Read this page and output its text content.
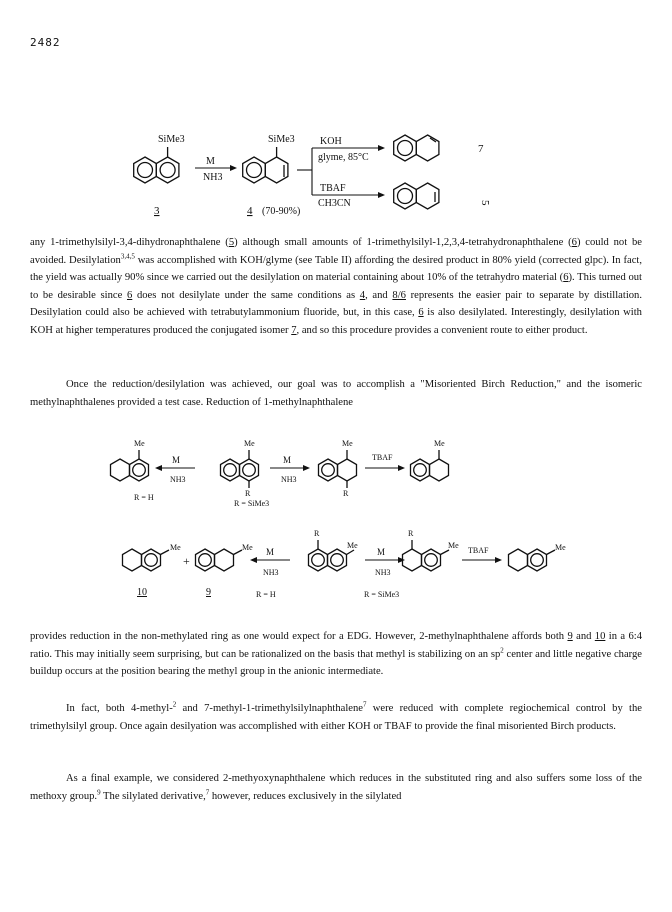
2482
SiMe3
M
NH3
SiMe3	KOH
glyme, 85°C
TBAF
CH3CN
7
5
3	4 (70-90%)

any 1-trimethylsilyl-3,4-dihydronaphthalene (5) although small amounts of 1-trimethylsilyl-1,2,3,4-tetrahydronaphthalene (6) could not be avoided. Desilylation$^{3,4,5}$ was accomplished with KOH/glyme (see Table II) affording the desired product in 80% yield (corrected glpc). In fact, the yield was actually 90% since we carried out the desilylation on material containing about 10% of the tetrahydro material (6). This turned out to be desirable since 6 does not desilylate under the same conditions as 4, and 8/6 represents the easier pair to separate by distillation. Desilylation could also be achieved with tetrabutylammonium fluoride, but, in this case, 6 is also desilylated. Interestingly, desilylation with KOH at higher temperatures produced the conjugated isomer 7, and so this procedure provides a convenient route to either product.

Once the reduction/desilylation was achieved, our goal was to accomplish a "Misoriented Birch Reduction," and the isomeric methylnaphthalenes provided a test case. Reduction of 1-methylnaphthalene

Me
M
NH3
R = H
Me
R
R = SiMe3
M
NH3
Me
R
TBAF
Me
Me
+
Me M
NH3
10	9	R = H
R
Me
M
NH3
R = SiMe3
R
Me
TBAF	Me

provides reduction in the non-methylated ring as one would expect for a EDG. However, 2-methylnaphthalene affords both 9 and 10 in a 6:4 ratio. This may initially seem surprising, but can be rationalized on the basis that methyl is stabilizing on an $sp^2$ center and little negative charge buildup occurs at the position bearing the methyl group in the anionic intermediate.

In fact, both 4-methyl-$^2$ and 7-methyl-1-trimethylsilylnaphthalene$^7$ were reduced with complete regiochemical control by the trimethylsilyl group. Once again desilyation was accomplished with either KOH or TBAF to provide the final misoriented Birch products.

As a final example, we considered 2-methyoxynaphthalene which reduces in the substituted ring and also suffers some loss of the methoxy group.$^9$ The silylated derivative,$^7$ however, reduces exclusively in the silylated
